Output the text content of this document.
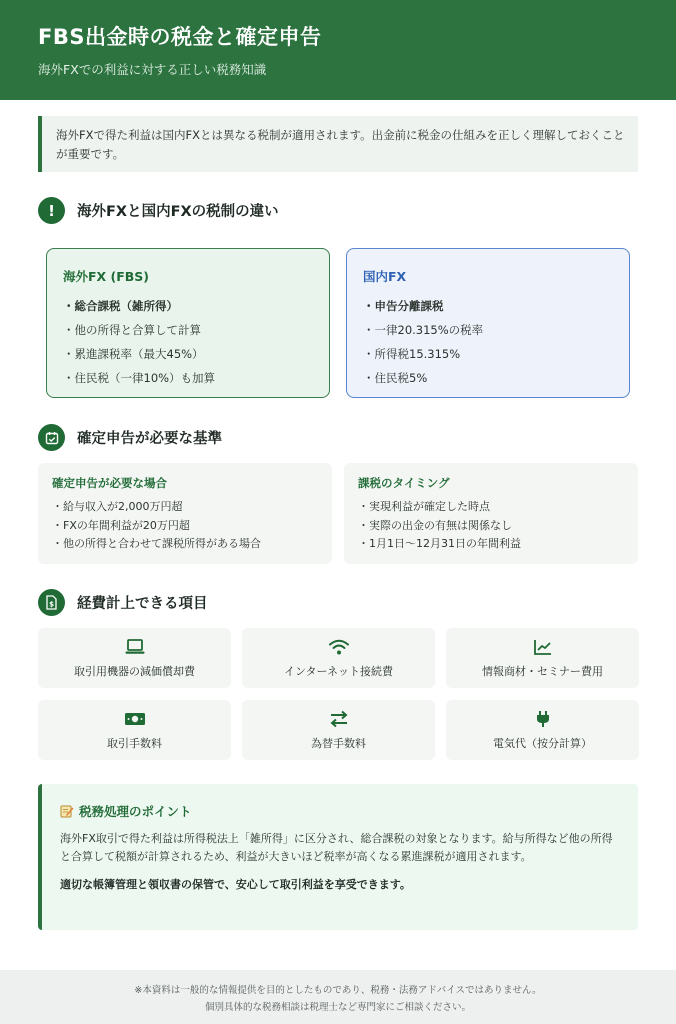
FBS出金時の税金と確定申告

海外FXでの利益に対する正しい税務知識

海外FXで得た利益は国内FXとは異なる税制が適用されます。出金前に税金の仕組みを正しく理解しておくことが重要です。
!	海外FXと国内FXの税制の違い
海外FX (FBS)
・総合課税（雑所得）
・他の所得と合算して計算
・累進課税率（最大45%）
・住民税（一律10%）も加算
国内FX
・申告分離課税
・一律20.315%の税率
・所得税15.315%
・住民税5%
確定申告が必要な基準
確定申告が必要な場合
・給与収入が2,000万円超
・FXの年間利益が20万円超
・他の所得と合わせて課税所得がある場合
課税のタイミング
・実現利益が確定した時点
・実際の出金の有無は関係なし
・1月1日〜12月31日の年間利益
$ 経費計上できる項目
取引用機器の減価償却費	インターネット接続費	情報商材・セミナー費用
取引手数料	為替手数料	電気代（按分計算）
税務処理のポイント
海外FX取引で得た利益は所得税法上「雑所得」に区分され、総合課税の対象となります。給与所得など他の所得と合算して税額が計算されるため、利益が大きいほど税率が高くなる累進課税が適用されます。
適切な帳簿管理と領収書の保管で、安心して取引利益を享受できます。
※本資料は一般的な情報提供を目的としたものであり、税務・法務アドバイスではありません。
個別具体的な税務相談は税理士など専門家にご相談ください。
